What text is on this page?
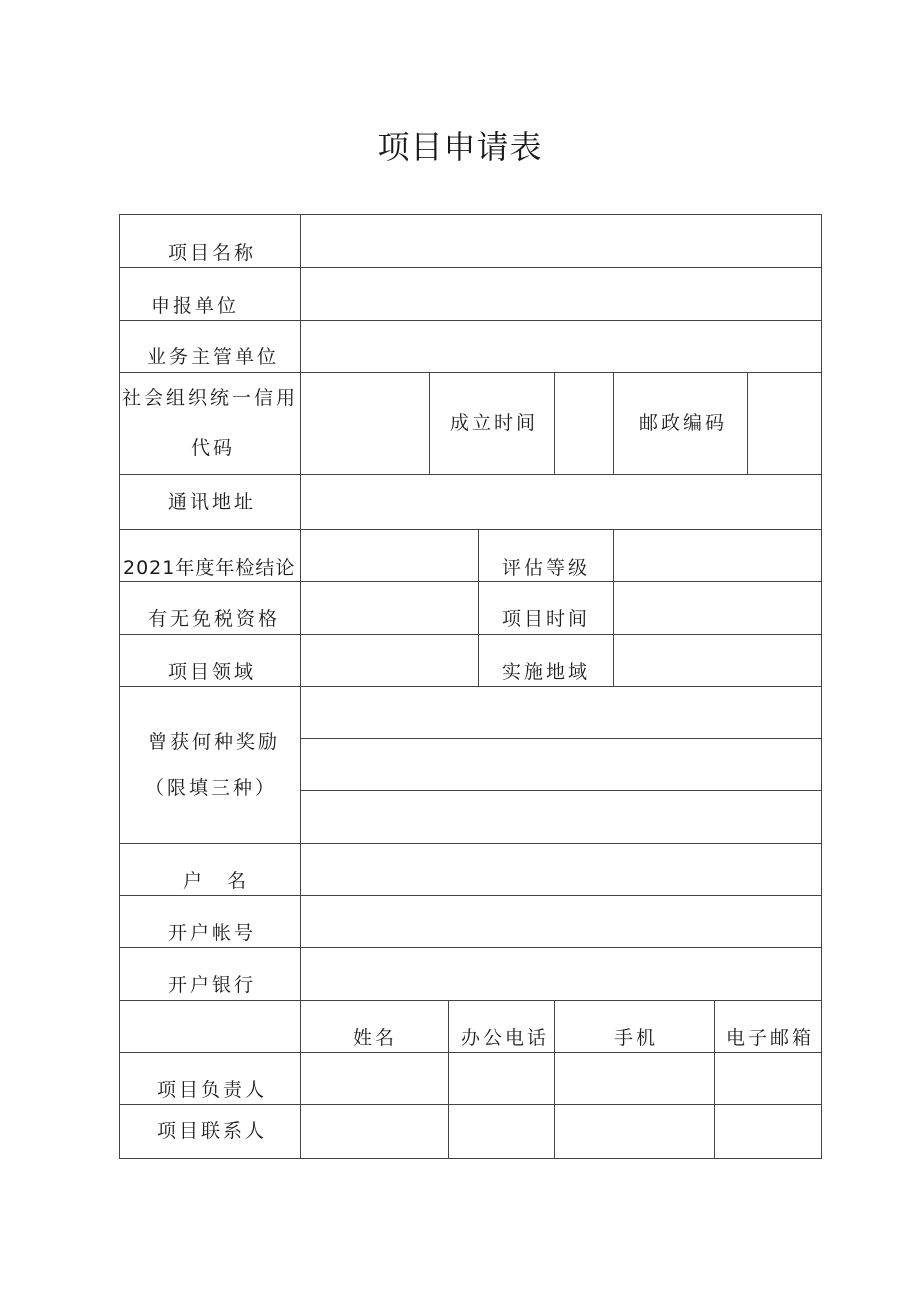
项目申请表
项目名称
申报单位
业务主管单位
社会组织统一信用
代码
成立时间	邮政编码
通讯地址
2021年度年检结论	评估等级
有无免税资格	项目时间
项目领域	实施地域
曾获何种奖励
（限填三种）
户　名
开户帐号
开户银行
姓名	办公电话	手机	电子邮箱
项目负责人
项目联系人
